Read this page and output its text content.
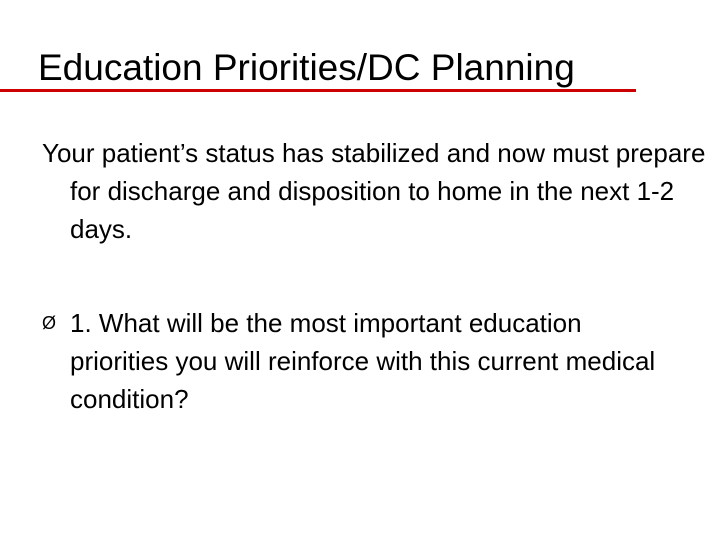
Education Priorities/DC Planning

Your patient’s status has stabilized and now must prepare for discharge and disposition to home in the next 1-2 days.

Ø 1. What will be the most important education priorities you will reinforce with this current medical condition?
